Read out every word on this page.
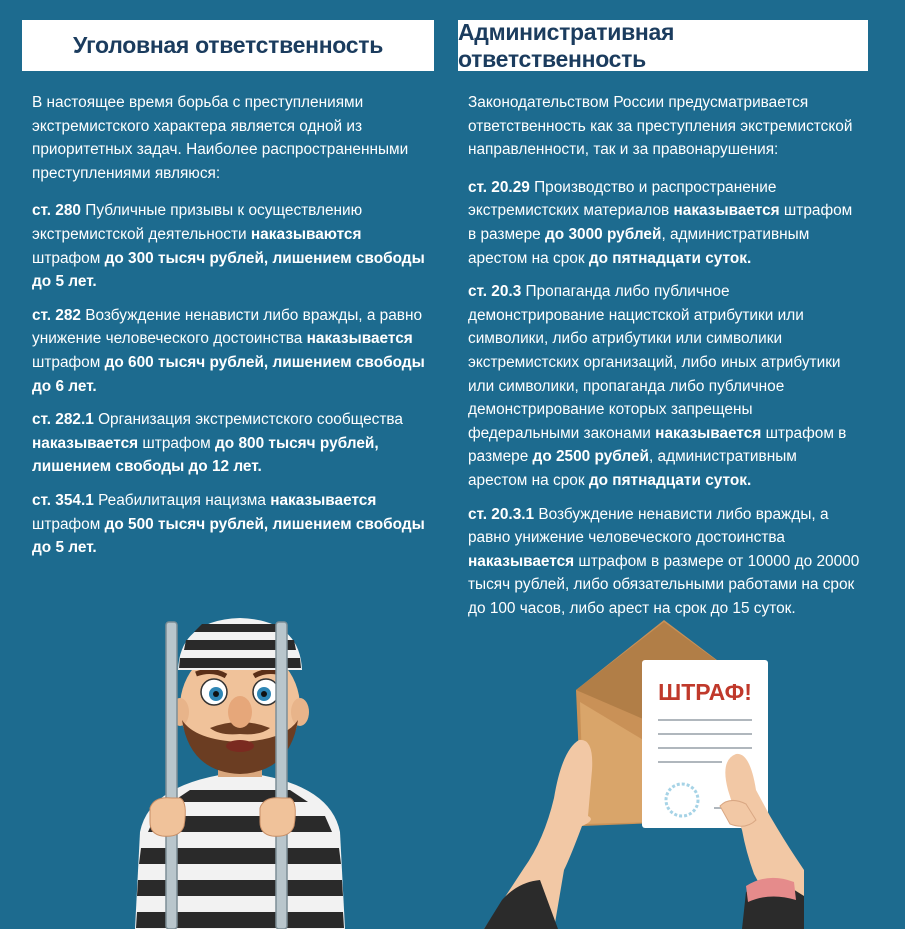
Уголовная ответственность
В настоящее время борьба с преступлениями экстремистского характера является одной из приоритетных задач. Наиболее распространенными преступлениями являюся:
ст. 280 Публичные призывы к осуществлению экстремистской деятельности наказываются штрафом до 300 тысяч рублей, лишением свободы до 5 лет.
ст. 282 Возбуждение ненависти либо вражды, а равно унижение человеческого достоинства наказывается штрафом до 600 тысяч рублей, лишением свободы до 6 лет.
ст. 282.1 Организация экстремистского сообщества наказывается штрафом до 800 тысяч рублей, лишением свободы до 12 лет.
ст. 354.1 Реабилитация нацизма наказывается штрафом до 500 тысяч рублей, лишением свободы до 5 лет.
Административная ответственность
Законодательством России предусматривается ответственность как за преступления экстремистской направленности, так и за правонарушения:
ст. 20.29 Производство и распространение экстремистских материалов наказывается штрафом в размере до 3000 рублей, административным арестом на срок до пятнадцати суток.
ст. 20.3 Пропаганда либо публичное демонстрирование нацистской атрибутики или символики, либо атрибутики или символики экстремистских организаций, либо иных атрибутики или символики, пропаганда либо публичное демонстрирование которых запрещены федеральными законами наказывается штрафом в размере до 2500 рублей, административным арестом на срок до пятнадцати суток.
ст. 20.3.1 Возбуждение ненависти либо вражды, а равно унижение человеческого достоинства наказывается штрафом в размере от 10000 до 20000 тысяч рублей, либо обязательными работами на срок до 100 часов, либо арест на срок до 15 суток.
ШТРАФ!
